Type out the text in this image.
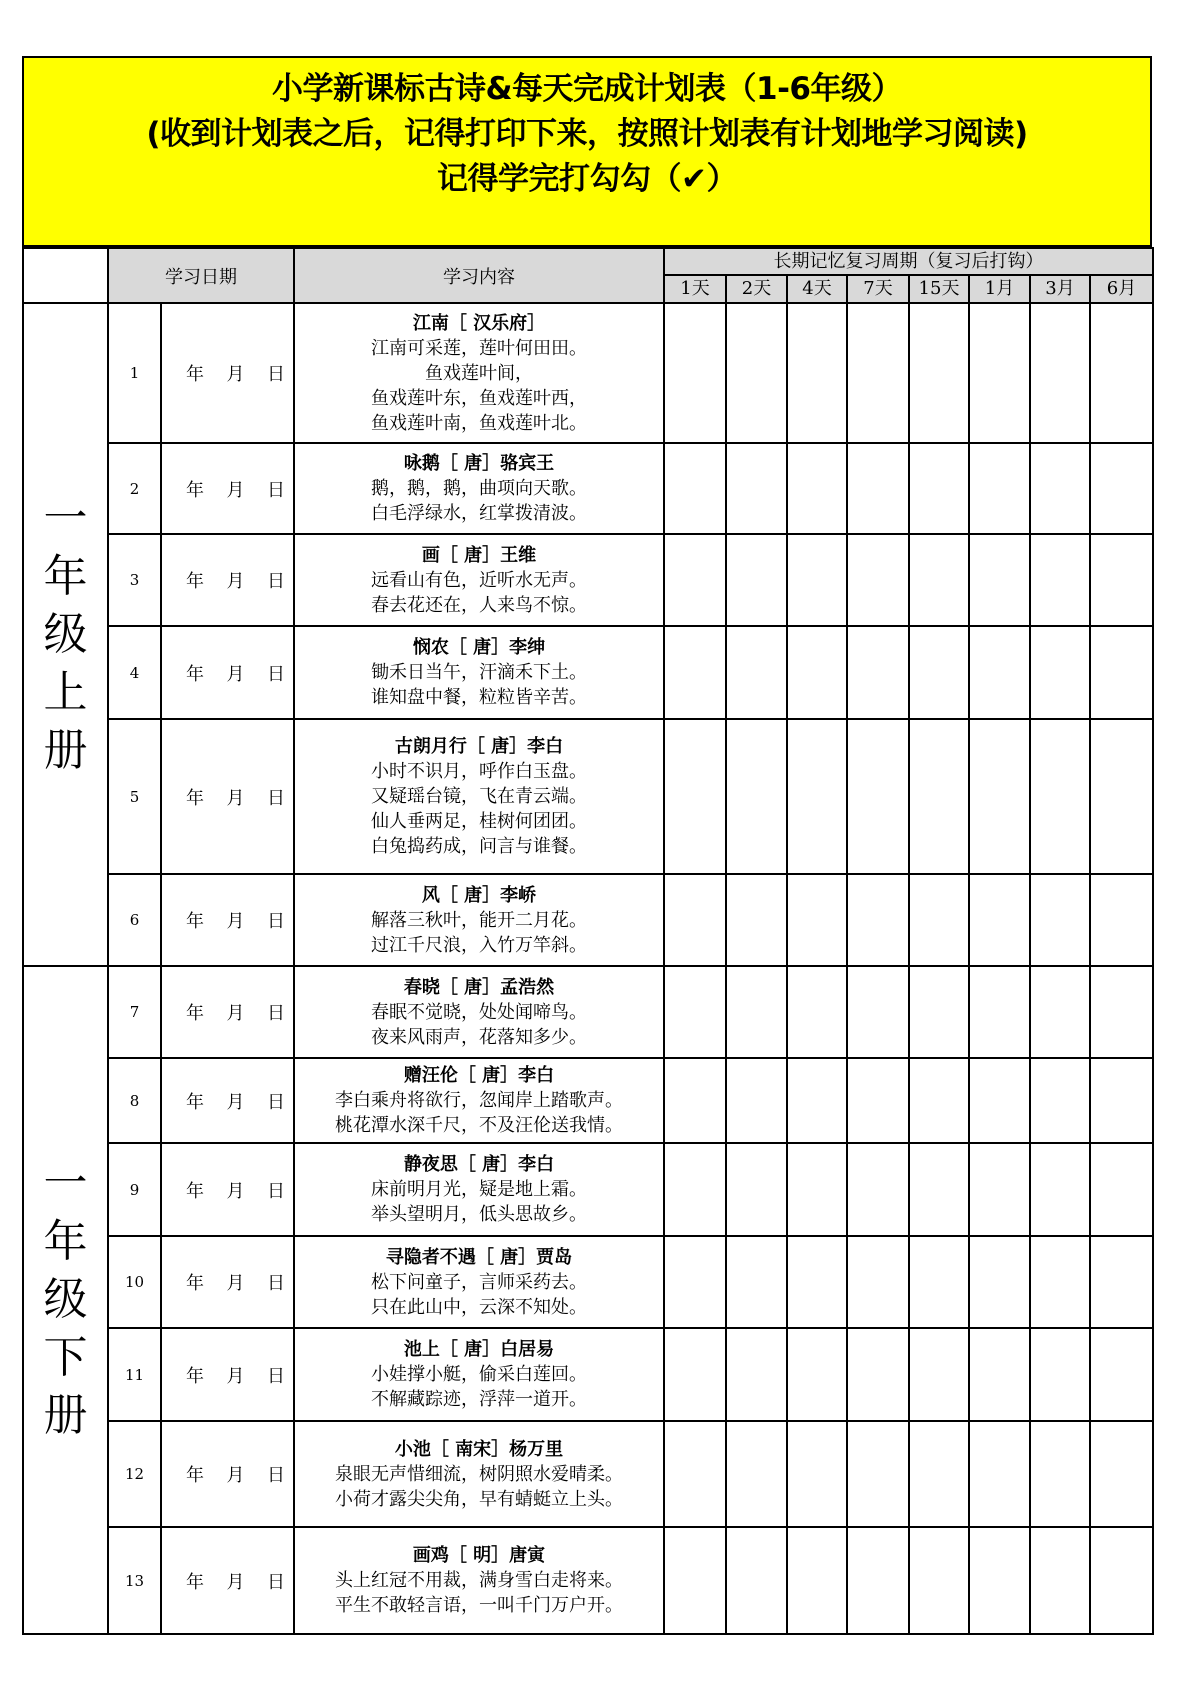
小学新课标古诗&每天完成计划表（1-6年级）
(收到计划表之后，记得打印下来，按照计划表有计划地学习阅读)
记得学完打勾勾（✔）
	学习日期		学习内容	长期记忆复习周期（复习后打钩）							
				1天	2天	4天	7天	15天	1月	3月	6月

一
年
级
上
册
	1	年 月 日

江南［ 汉乐府］
江南可采莲，莲叶何田田。
鱼戏莲叶间，
鱼戏莲叶东，鱼戏莲叶西，
鱼戏莲叶南，鱼戏莲叶北。

2	年 月 日

咏鹅［ 唐］骆宾王
鹅，鹅，鹅，曲项向天歌。
白毛浮绿水，红掌拨清波。

3	年 月 日

画［ 唐］王维
远看山有色，近听水无声。
春去花还在，人来鸟不惊。

4	年 月 日

悯农［ 唐］李绅
锄禾日当午，汗滴禾下土。
谁知盘中餐，粒粒皆辛苦。

5	年 月 日

古朗月行［ 唐］李白
小时不识月，呼作白玉盘。
又疑瑶台镜，飞在青云端。
仙人垂两足，桂树何团团。
白兔捣药成，问言与谁餐。

6	年 月 日

风［ 唐］李峤
解落三秋叶，能开二月花。
过江千尺浪，入竹万竿斜。

一
年
级
下
册
	7	年 月 日

春晓［ 唐］孟浩然
春眠不觉晓，处处闻啼鸟。
夜来风雨声，花落知多少。

8	年 月 日

赠汪伦［ 唐］李白
李白乘舟将欲行，忽闻岸上踏歌声。
桃花潭水深千尺，不及汪伦送我情。

9	年 月 日

静夜思［ 唐］李白
床前明月光，疑是地上霜。
举头望明月，低头思故乡。

10	年 月 日

寻隐者不遇［ 唐］贾岛
松下问童子，言师采药去。
只在此山中，云深不知处。

11	年 月 日

池上［ 唐］白居易
小娃撑小艇，偷采白莲回。
不解藏踪迹，浮萍一道开。

12	年 月 日

小池［ 南宋］杨万里
泉眼无声惜细流，树阴照水爱晴柔。
小荷才露尖尖角，早有蜻蜓立上头。

13	年 月 日

画鸡［ 明］唐寅
头上红冠不用裁，满身雪白走将来。
平生不敢轻言语，一叫千门万户开。
